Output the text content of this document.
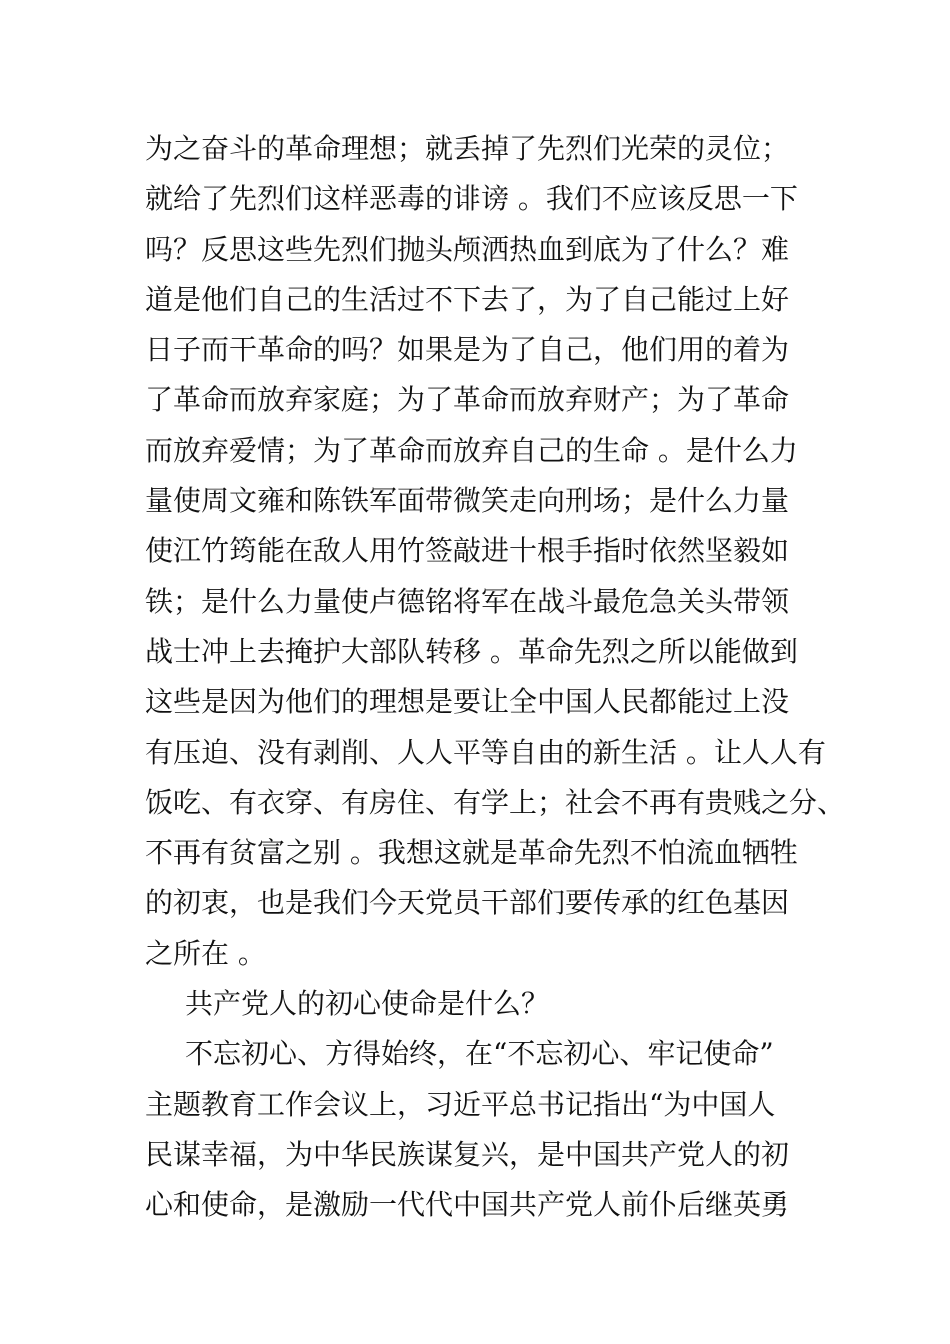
为之奋斗的革命理想；就丢掉了先烈们光荣的灵位；
就给了先烈们这样恶毒的诽谤 。我们不应该反思一下
吗？反思这些先烈们抛头颅洒热血到底为了什么？难
道是他们自己的生活过不下去了，为了自己能过上好
日子而干革命的吗？如果是为了自己，他们用的着为
了革命而放弃家庭；为了革命而放弃财产；为了革命
而放弃爱情；为了革命而放弃自己的生命 。是什么力
量使周文雍和陈铁军面带微笑走向刑场；是什么力量
使江竹筠能在敌人用竹签敲进十根手指时依然坚毅如
铁；是什么力量使卢德铭将军在战斗最危急关头带领
战士冲上去掩护大部队转移 。革命先烈之所以能做到
这些是因为他们的理想是要让全中国人民都能过上没
有压迫、没有剥削、人人平等自由的新生活 。让人人有
饭吃、有衣穿、有房住、有学上；社会不再有贵贱之分、
不再有贫富之别 。我想这就是革命先烈不怕流血牺牲
的初衷，也是我们今天党员干部们要传承的红色基因
之所在 。
共产党人的初心使命是什么？
不忘初心、方得始终，在“不忘初心、牢记使命”
主题教育工作会议上，习近平总书记指出“为中国人
民谋幸福，为中华民族谋复兴，是中国共产党人的初
心和使命，是激励一代代中国共产党人前仆后继英勇
